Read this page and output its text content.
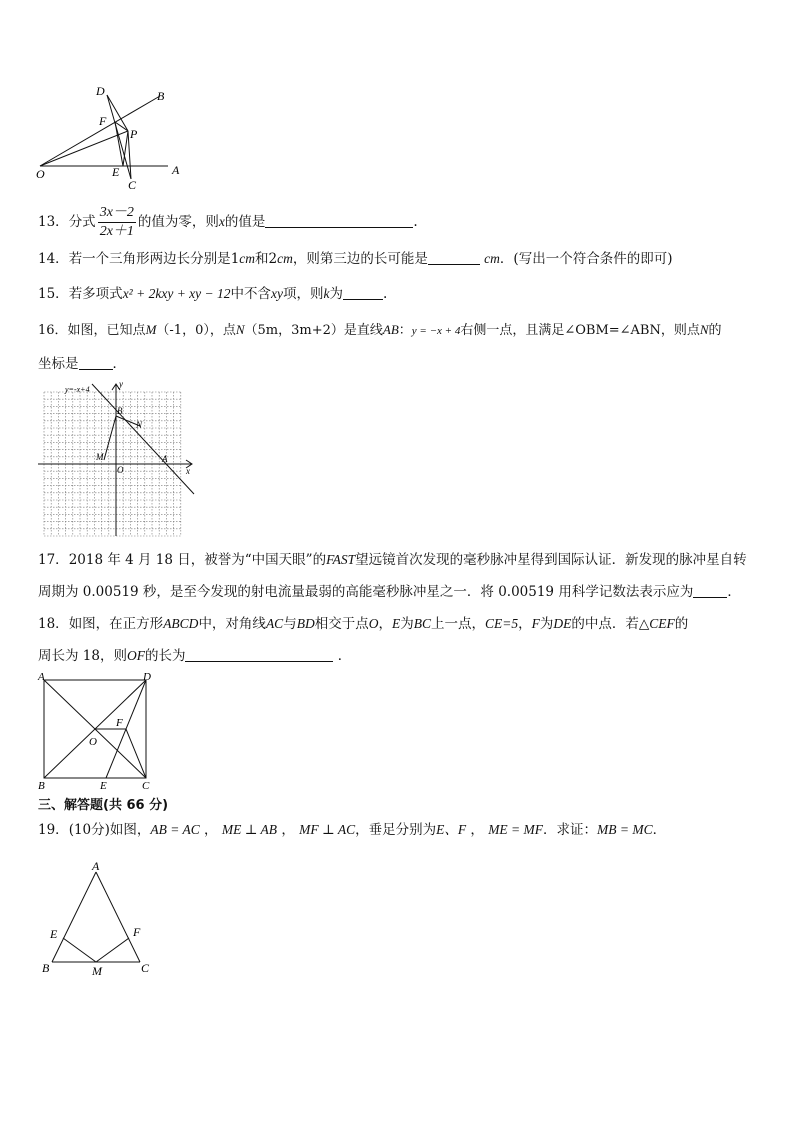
D	B
F
P
O	E
C
A
13．分式 $\frac{3x-2}{2x+1}$ 的值为零，则x的值是	.
14．若一个三角形两边长分别是1cm和2cm，则第三边的长可能是	cm．(写出一个符合条件的即可)
15．若多项式x² + 2kxy + xy − 12中不含xy项，则k为	.
16．如图，已知点M（-1，0），点N（5m，3m+2）是直线AB：y = −x + 4右侧一点，且满足∠OBM=∠ABN，则点N的
坐标是	．
y=-x+4
y
x
B
N
M
O
A
17．2018 年 4 月 18 日，被誉为“中国天眼”的FAST望远镜首次发现的毫秒脉冲星得到国际认证．新发现的脉冲星自转
周期为 0.00519 秒，是至今发现的射电流量最弱的高能毫秒脉冲星之一．将 0.00519 用科学记数法表示应为	．
18．如图，在正方形ABCD中，对角线AC与BD相交于点O，E为BC上一点，CE=5，F为DE的中点．若△CEF的
周长为 18，则OF的长为	．
A	D
F
O
B	E	C
三、解答题(共 66 分)
19．(10分)如图，AB = AC ， ME ⊥ AB ， MF ⊥ AC，垂足分别为E、F ， ME = MF．求证：MB = MC．
A
E	F
B	M	C
